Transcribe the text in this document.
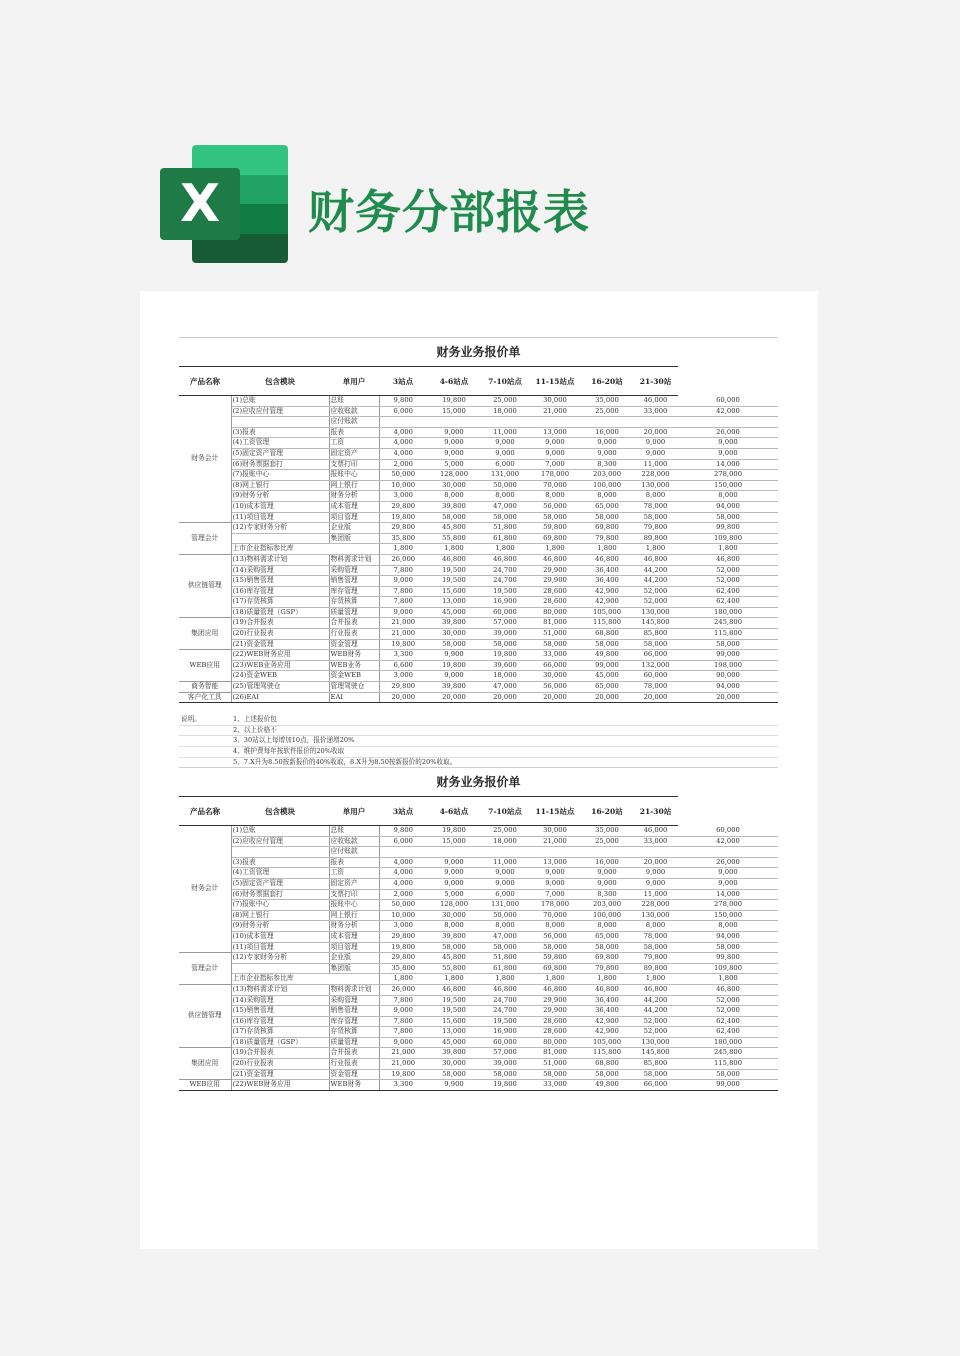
X	财务分部报表
财务业务报价单
产品名称	包含模块	单用户	3站点	4-6站点	7-10站点	11-15站点	16-20站	21-30站	
财务会计	(1)总账	总账	9,800	19,800	25,000	30,000	35,000	46,000	60,000
	(2)应收应付管理	应收账款	6,000	15,000	18,000	21,000	25,000	33,000	42,000
		应付账款							
	(3)报表	报表	4,000	9,000	11,000	13,000	16,000	20,000	26,000
	(4)工资管理	工资	4,000	9,000	9,000	9,000	9,000	9,000	9,000
	(5)固定资产管理	固定资产	4,000	9,000	9,000	9,000	9,000	9,000	9,000
	(6)财务票据套打	支票打印	2,000	5,000	6,000	7,000	8,300	11,000	14,000
	(7)报账中心	报账中心	50,000	128,000	131,000	178,000	203,000	228,000	278,000
	(8)网上银行	网上银行	10,000	30,000	50,000	70,000	100,000	130,000	150,000
	(9)财务分析	财务分析	3,000	8,000	8,000	8,000	8,000	8,000	8,000
	(10)成本管理	成本管理	29,800	39,800	47,000	56,000	65,000	78,000	94,000
	(11)项目管理	项目管理	19,800	58,000	58,000	58,000	58,000	58,000	58,000
管理会计	(12)专家财务分析	企业版	29,800	45,800	51,800	59,800	69,800	79,800	99,800
		集团版	35,800	55,800	61,800	69,800	79,800	89,800	109,800
	上市企业指标参比库		1,800	1,800	1,800	1,800	1,800	1,800	1,800
供应链管理	(13)物料需求计划	物料需求计划	26,000	46,800	46,800	46,800	46,800	46,800	46,800
	(14)采购管理	采购管理	7,800	19,500	24,700	29,900	36,400	44,200	52,000
	(15)销售管理	销售管理	9,000	19,500	24,700	29,900	36,400	44,200	52,000
	(16)库存管理	库存管理	7,800	15,600	19,500	28,600	42,900	52,000	62,400
	(17)存货核算	存货核算	7,800	13,000	16,900	28,600	42,900	52,000	62,400
	(18)质量管理（GSP）	质量管理	9,000	45,000	60,000	80,000	105,000	130,000	180,000
集团应用	(19)合并报表	合并报表	21,000	39,800	57,000	81,000	115,800	145,800	245,800
	(20)行业报表	行业报表	21,000	30,000	39,000	51,000	68,800	85,800	115,800
	(21)资金管理	资金管理	19,800	58,000	58,000	58,000	58,000	58,000	58,000
WEB应用	(22)WEB财务应用	WEB财务	3,300	9,900	19,800	33,000	49,800	66,000	99,000
	(23)WEB业务应用	WEB业务	6,600	19,800	39,600	66,000	99,000	132,000	198,000
	(24)资金WEB	资金WEB	3,000	9,000	18,000	30,000	45,000	60,000	90,000
商务智能	(25)管理驾驶仓	管理驾驶仓	29,800	39,800	47,000	56,000	65,000	78,000	94,000
客户化工具	(26)EAI	EAI	20,000	20,000	20,000	20,000	20,000	20,000	20,000
说明。	1、上述报价包
2、以上价格不
3、30站以上每增加10点，报价递增20%
4、维护费每年按软件报价的20%收取
5、7.X升为8.50按新报价的40%收取，8.X升为8.50按新报价的20%收取。
财务业务报价单
产品名称	包含模块	单用户	3站点	4-6站点	7-10站点	11-15站点	16-20站	21-30站	
财务会计	(1)总账	总账	9,800	19,800	25,000	30,000	35,000	46,000	60,000
	(2)应收应付管理	应收账款	6,000	15,000	18,000	21,000	25,000	33,000	42,000
		应付账款							
	(3)报表	报表	4,000	9,000	11,000	13,000	16,000	20,000	26,000
	(4)工资管理	工资	4,000	9,000	9,000	9,000	9,000	9,000	9,000
	(5)固定资产管理	固定资产	4,000	9,000	9,000	9,000	9,000	9,000	9,000
	(6)财务票据套打	支票打印	2,000	5,000	6,000	7,000	8,300	11,000	14,000
	(7)报账中心	报账中心	50,000	128,000	131,000	178,000	203,000	228,000	278,000
	(8)网上银行	网上银行	10,000	30,000	50,000	70,000	100,000	130,000	150,000
	(9)财务分析	财务分析	3,000	8,000	8,000	8,000	8,000	8,000	8,000
	(10)成本管理	成本管理	29,800	39,800	47,000	56,000	65,000	78,000	94,000
	(11)项目管理	项目管理	19,800	58,000	58,000	58,000	58,000	58,000	58,000
管理会计	(12)专家财务分析	企业版	29,800	45,800	51,800	59,800	69,800	79,800	99,800
		集团版	35,800	55,800	61,800	69,800	79,800	89,800	109,800
	上市企业指标参比库		1,800	1,800	1,800	1,800	1,800	1,800	1,800
供应链管理	(13)物料需求计划	物料需求计划	26,000	46,800	46,800	46,800	46,800	46,800	46,800
	(14)采购管理	采购管理	7,800	19,500	24,700	29,900	36,400	44,200	52,000
	(15)销售管理	销售管理	9,000	19,500	24,700	29,900	36,400	44,200	52,000
	(16)库存管理	库存管理	7,800	15,600	19,500	28,600	42,900	52,000	62,400
	(17)存货核算	存货核算	7,800	13,000	16,900	28,600	42,900	52,000	62,400
	(18)质量管理（GSP）	质量管理	9,000	45,000	60,000	80,000	105,000	130,000	180,000
集团应用	(19)合并报表	合并报表	21,000	39,800	57,000	81,000	115,800	145,800	245,800
	(20)行业报表	行业报表	21,000	30,000	39,000	51,000	68,800	85,800	115,800
	(21)资金管理	资金管理	19,800	58,000	58,000	58,000	58,000	58,000	58,000
WEB应用	(22)WEB财务应用	WEB财务	3,300	9,900	19,800	33,000	49,800	66,000	99,000
